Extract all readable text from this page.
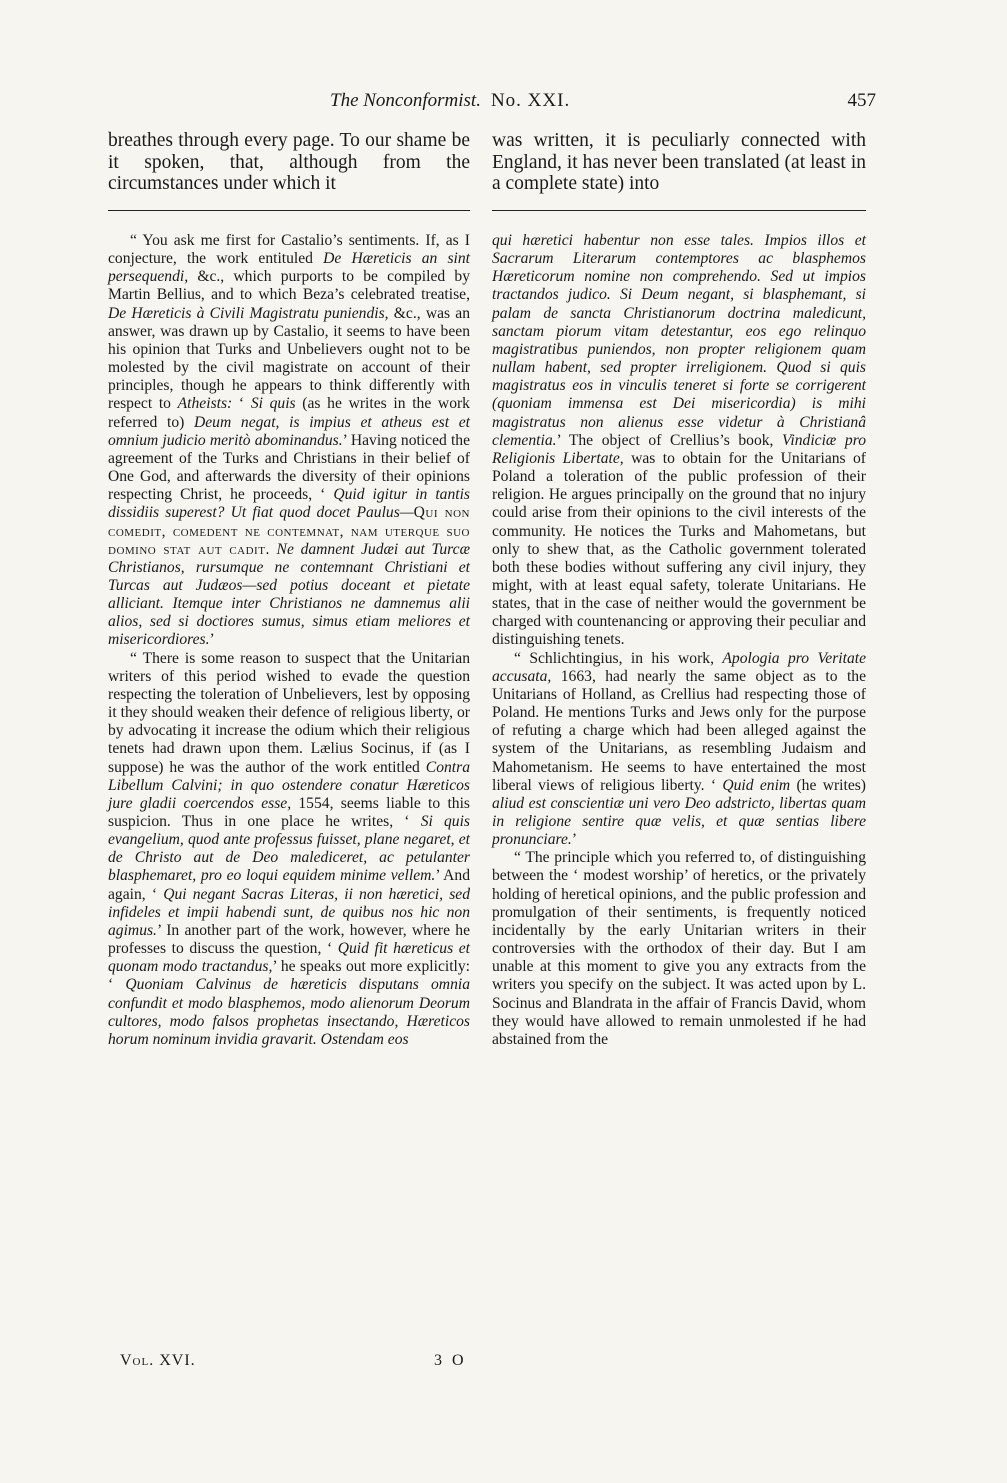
The Nonconformist. No. XXI.	457
breathes through every page. To our shame be it spoken, that, although from the circumstances under which it
was written, it is peculiarly connected with England, it has never been translated (at least in a complete state) into

“ You ask me first for Castalio’s sentiments. If, as I conjecture, the work entituled De Hæreticis an sint persequendi, &c., which purports to be compiled by Martin Bellius, and to which Beza’s celebrated treatise, De Hæreticis à Civili Magistratu puniendis, &c., was an answer, was drawn up by Castalio, it seems to have been his opinion that Turks and Unbelievers ought not to be molested by the civil magistrate on account of their principles, though he appears to think differently with respect to Atheists: ‘ Si quis (as he writes in the work referred to) Deum negat, is impius et atheus est et omnium judicio meritò abominandus.’ Having noticed the agreement of the Turks and Christians in their belief of One God, and afterwards the diversity of their opinions respecting Christ, he proceeds, ‘ Quid igitur in tantis dissidiis superest? Ut fiat quod docet Paulus—Qui non comedit, comedent ne contemnat, nam uterque suo domino stat aut cadit. Ne damnent Judæi aut Turcæ Christianos, rursumque ne contemnant Christiani et Turcas aut Judæos—sed potius doceant et pietate alliciant. Itemque inter Christianos ne damnemus alii alios, sed si doctiores sumus, simus etiam meliores et misericordiores.’

“ There is some reason to suspect that the Unitarian writers of this period wished to evade the question respecting the toleration of Unbelievers, lest by opposing it they should weaken their defence of religious liberty, or by advocating it increase the odium which their religious tenets had drawn upon them. Lælius Socinus, if (as I suppose) he was the author of the work entitled Contra Libellum Calvini; in quo ostendere conatur Hæreticos jure gladii coercendos esse, 1554, seems liable to this suspicion. Thus in one place he writes, ‘ Si quis evangelium, quod ante professus fuisset, plane negaret, et de Christo aut de Deo malediceret, ac petulanter blasphemaret, pro eo loqui equidem minime vellem.’ And again, ‘ Qui negant Sacras Literas, ii non hæretici, sed infideles et impii habendi sunt, de quibus nos hic non agimus.’ In another part of the work, however, where he professes to discuss the question, ‘ Quid fit hæreticus et quonam modo tractandus,’ he speaks out more explicitly: ‘ Quoniam Calvinus de hæreticis disputans omnia confundit et modo blasphemos, modo alienorum Deorum cultores, modo falsos prophetas insectando, Hæreticos horum nominum invidia gravarit. Ostendam eos

qui hæretici habentur non esse tales. Impios illos et Sacrarum Literarum contemptores ac blasphemos Hæreticorum nomine non comprehendo. Sed ut impios tractandos judico. Si Deum negant, si blasphemant, si palam de sancta Christianorum doctrina maledicunt, sanctam piorum vitam detestantur, eos ego relinquo magistratibus puniendos, non propter religionem quam nullam habent, sed propter irreligionem. Quod si quis magistratus eos in vinculis teneret si forte se corrigerent (quoniam immensa est Dei misericordia) is mihi magistratus non alienus esse videtur à Christianâ clementia.’ The object of Crellius’s book, Vindiciæ pro Religionis Libertate, was to obtain for the Unitarians of Poland a toleration of the public profession of their religion. He argues principally on the ground that no injury could arise from their opinions to the civil interests of the community. He notices the Turks and Mahometans, but only to shew that, as the Catholic government tolerated both these bodies without suffering any civil injury, they might, with at least equal safety, tolerate Unitarians. He states, that in the case of neither would the government be charged with countenancing or approving their peculiar and distinguishing tenets.

“ Schlichtingius, in his work, Apologia pro Veritate accusata, 1663, had nearly the same object as to the Unitarians of Holland, as Crellius had respecting those of Poland. He mentions Turks and Jews only for the purpose of refuting a charge which had been alleged against the system of the Unitarians, as resembling Judaism and Mahometanism. He seems to have entertained the most liberal views of religious liberty. ‘ Quid enim (he writes) aliud est conscientiæ uni vero Deo adstricto, libertas quam in religione sentire quæ velis, et quæ sentias libere pronunciare.’

“ The principle which you referred to, of distinguishing between the ‘ modest worship’ of heretics, or the privately holding of heretical opinions, and the public profession and promulgation of their sentiments, is frequently noticed incidentally by the early Unitarian writers in their controversies with the orthodox of their day. But I am unable at this moment to give you any extracts from the writers you specify on the subject. It was acted upon by L. Socinus and Blandrata in the affair of Francis David, whom they would have allowed to remain unmolested if he had abstained from the

Vol. XVI.	3 O
